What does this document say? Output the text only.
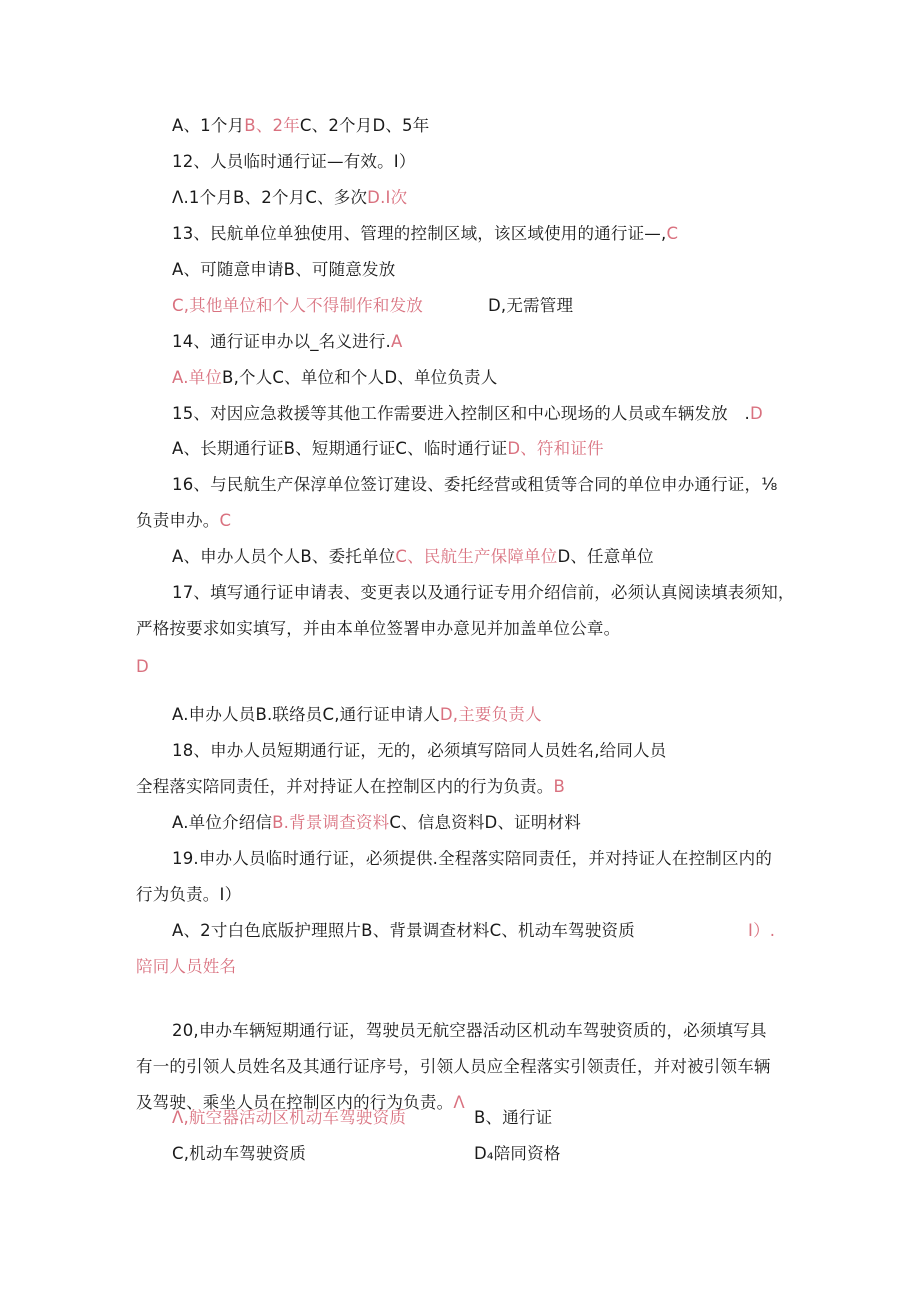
A、1个月B、2年C、2个月D、5年
12、人员临时通行证—有效。I）
Λ.1个月B、2个月C、多次D.I次
13、民航单位单独使用、管理的控制区域，该区域使用的通行证—,C
A、可随意申请B、可随意发放
C,其他单位和个人不得制作和发放	D,无需管理
14、通行证申办以_名义进行.A
A.单位B,个人C、单位和个人D、单位负责人
15、对因应急救援等其他工作需要进入控制区和中心现场的人员或车辆发放　.D
A、长期通行证B、短期通行证C、临时通行证D、符和证件
16、与民航生产保淳单位签订建设、委托经营或租赁等合同的单位申办通行证，⅛
负责申办。C
A、申办人员个人B、委托单位C、民航生产保障单位D、任意单位
17、填写通行证申请表、变更表以及通行证专用介绍信前，必须认真阅读填表须知，
严格按要求如实填写，并由本单位签署申办意见并加盖单位公章。
D
A.申办人员B.联络员C,通行证申请人D,主要负责人
18、申办人员短期通行证，无的，必须填写陪同人员姓名,给同人员
全程落实陪同责任，并对持证人在控制区内的行为负责。B
A.单位介绍信B.背景调查资料C、信息资料D、证明材料
19.申办人员临时通行证，必须提供.全程落实陪同责任，并对持证人在控制区内的
行为负责。I）
A、2寸白色底版护理照片B、背景调查材料C、机动车驾驶资质	I）.
陪同人员姓名
20,申办车辆短期通行证，驾驶员无航空器活动区机动车驾驶资质的，必须填写具
有一的引领人员姓名及其通行证序号，引领人员应全程落实引领责任，并对被引领车辆
及驾驶、乘坐人员在控制区内的行为负责。Λ
Λ,航空器活动区机动车驾驶资质	B、通行证
C,机动车驾驶资质	D₄陪同资格
